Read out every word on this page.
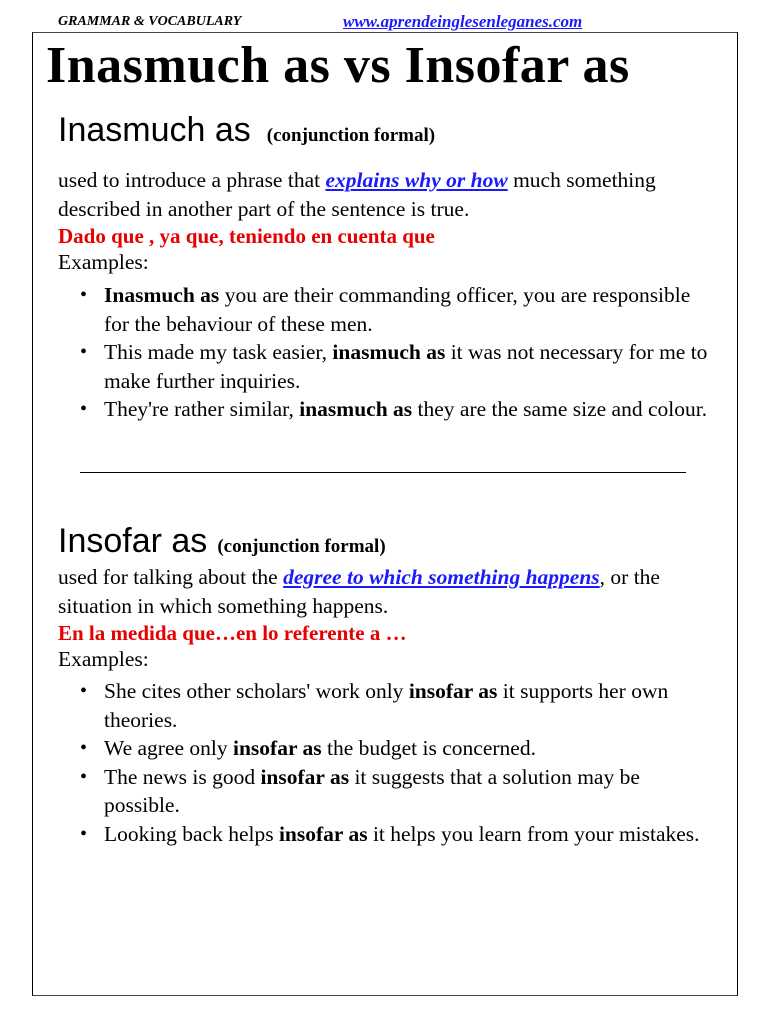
GRAMMAR & VOCABULARY	www.aprendeinglesenleganes.com
Inasmuch as vs Insofar as
Inasmuch as (conjunction formal)
used to introduce a phrase that explains why or how much something described in another part of the sentence is true.
Dado que , ya que, teniendo en cuenta que
Examples:
• Inasmuch as you are their commanding officer, you are responsible for the behaviour of these men.
• This made my task easier, inasmuch as it was not necessary for me to make further inquiries.
• They're rather similar, inasmuch as they are the same size and colour.
Insofar as (conjunction formal)
used for talking about the degree to which something happens, or the situation in which something happens.
En la medida que…en lo referente a …
Examples:
• She cites other scholars' work only insofar as it supports her own theories.
• We agree only insofar as the budget is concerned.
• The news is good insofar as it suggests that a solution may be possible.
• Looking back helps insofar as it helps you learn from your mistakes.
